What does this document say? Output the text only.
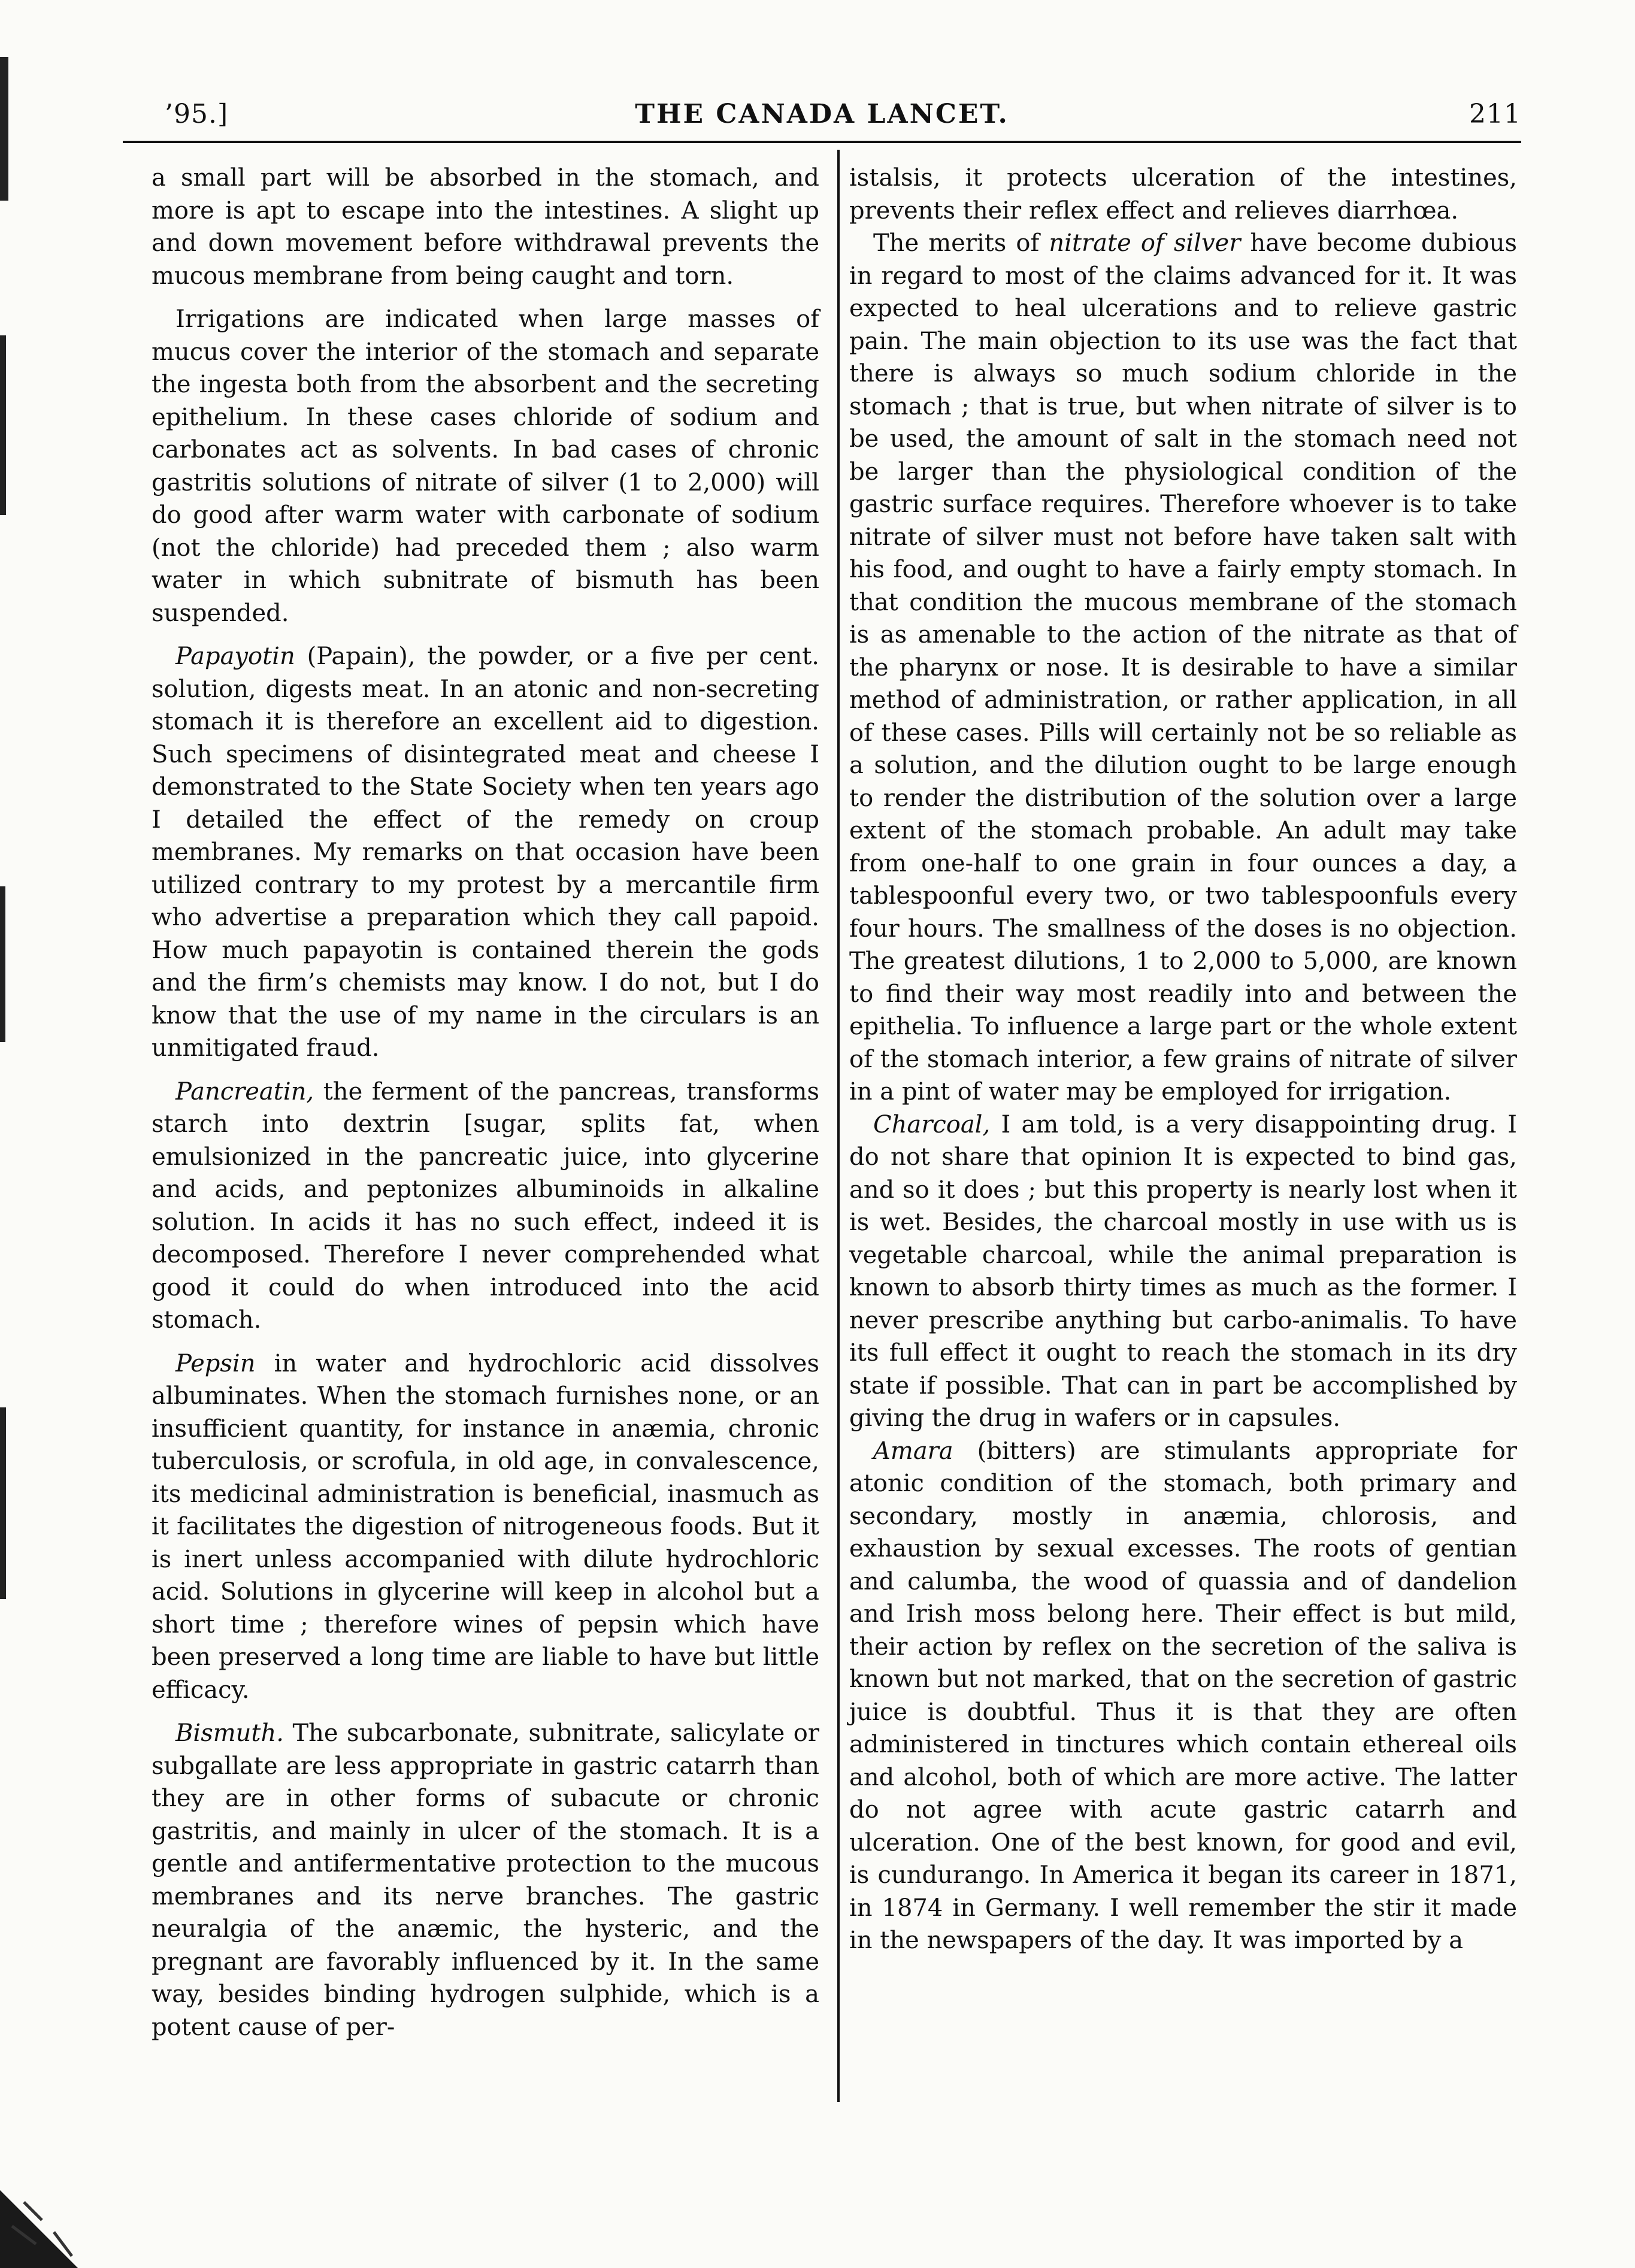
’95.]	THE CANADA LANCET.	211

a small part will be absorbed in the stomach, and more is apt to escape into the intestines. A slight up and down movement before withdrawal prevents the mucous membrane from being caught and torn.

Irrigations are indicated when large masses of mucus cover the interior of the stomach and separate the ingesta both from the absorbent and the secreting epithelium. In these cases chloride of sodium and carbonates act as solvents. In bad cases of chronic gastritis solutions of nitrate of silver (1 to 2,000) will do good after warm water with carbonate of sodium (not the chloride) had preceded them ; also warm water in which subnitrate of bismuth has been suspended.

Papayotin (Papain), the powder, or a five per cent. solution, digests meat. In an atonic and non-secreting stomach it is therefore an excellent aid to digestion. Such specimens of disintegrated meat and cheese I demonstrated to the State Society when ten years ago I detailed the effect of the remedy on croup membranes. My remarks on that occasion have been utilized contrary to my protest by a mercantile firm who advertise a preparation which they call papoid. How much papayotin is contained therein the gods and the firm’s chemists may know. I do not, but I do know that the use of my name in the circulars is an unmitigated fraud.

Pancreatin, the ferment of the pancreas, transforms starch into dextrin [sugar, splits fat, when emulsionized in the pancreatic juice, into glycerine and acids, and peptonizes albuminoids in alkaline solution. In acids it has no such effect, indeed it is decomposed. Therefore I never comprehended what good it could do when introduced into the acid stomach.

Pepsin in water and hydrochloric acid dissolves albuminates. When the stomach furnishes none, or an insufficient quantity, for instance in anæmia, chronic tuberculosis, or scrofula, in old age, in convalescence, its medicinal administration is beneficial, inasmuch as it facilitates the digestion of nitrogeneous foods. But it is inert unless accompanied with dilute hydrochloric acid. Solutions in glycerine will keep in alcohol but a short time ; therefore wines of pepsin which have been preserved a long time are liable to have but little efficacy.

Bismuth. The subcarbonate, subnitrate, salicylate or subgallate are less appropriate in gastric catarrh than they are in other forms of subacute or chronic gastritis, and mainly in ulcer of the stomach. It is a gentle and antifermentative protection to the mucous membranes and its nerve branches. The gastric neuralgia of the anæmic, the hysteric, and the pregnant are favorably influenced by it. In the same way, besides binding hydrogen sulphide, which is a potent cause of per-

istalsis, it protects ulceration of the intestines, prevents their reflex effect and relieves diarrhœa.

The merits of nitrate of silver have become dubious in regard to most of the claims advanced for it. It was expected to heal ulcerations and to relieve gastric pain. The main objection to its use was the fact that there is always so much sodium chloride in the stomach ; that is true, but when nitrate of silver is to be used, the amount of salt in the stomach need not be larger than the physiological condition of the gastric surface requires. Therefore whoever is to take nitrate of silver must not before have taken salt with his food, and ought to have a fairly empty stomach. In that condition the mucous membrane of the stomach is as amenable to the action of the nitrate as that of the pharynx or nose. It is desirable to have a similar method of administration, or rather application, in all of these cases. Pills will certainly not be so reliable as a solution, and the dilution ought to be large enough to render the distribution of the solution over a large extent of the stomach probable. An adult may take from one-half to one grain in four ounces a day, a tablespoonful every two, or two tablespoonfuls every four hours. The smallness of the doses is no objection. The greatest dilutions, 1 to 2,000 to 5,000, are known to find their way most readily into and between the epithelia. To influence a large part or the whole extent of the stomach interior, a few grains of nitrate of silver in a pint of water may be employed for irrigation.

Charcoal, I am told, is a very disappointing drug. I do not share that opinion It is expected to bind gas, and so it does ; but this property is nearly lost when it is wet. Besides, the charcoal mostly in use with us is vegetable charcoal, while the animal preparation is known to absorb thirty times as much as the former. I never prescribe anything but carbo-animalis. To have its full effect it ought to reach the stomach in its dry state if possible. That can in part be accomplished by giving the drug in wafers or in capsules.

Amara (bitters) are stimulants appropriate for atonic condition of the stomach, both primary and secondary, mostly in anæmia, chlorosis, and exhaustion by sexual excesses. The roots of gentian and calumba, the wood of quassia and of dandelion and Irish moss belong here. Their effect is but mild, their action by reflex on the secretion of the saliva is known but not marked, that on the secretion of gastric juice is doubtful. Thus it is that they are often administered in tinctures which contain ethereal oils and alcohol, both of which are more active. The latter do not agree with acute gastric catarrh and ulceration. One of the best known, for good and evil, is cundurango. In America it began its career in 1871, in 1874 in Germany. I well remember the stir it made in the newspapers of the day. It was imported by a
